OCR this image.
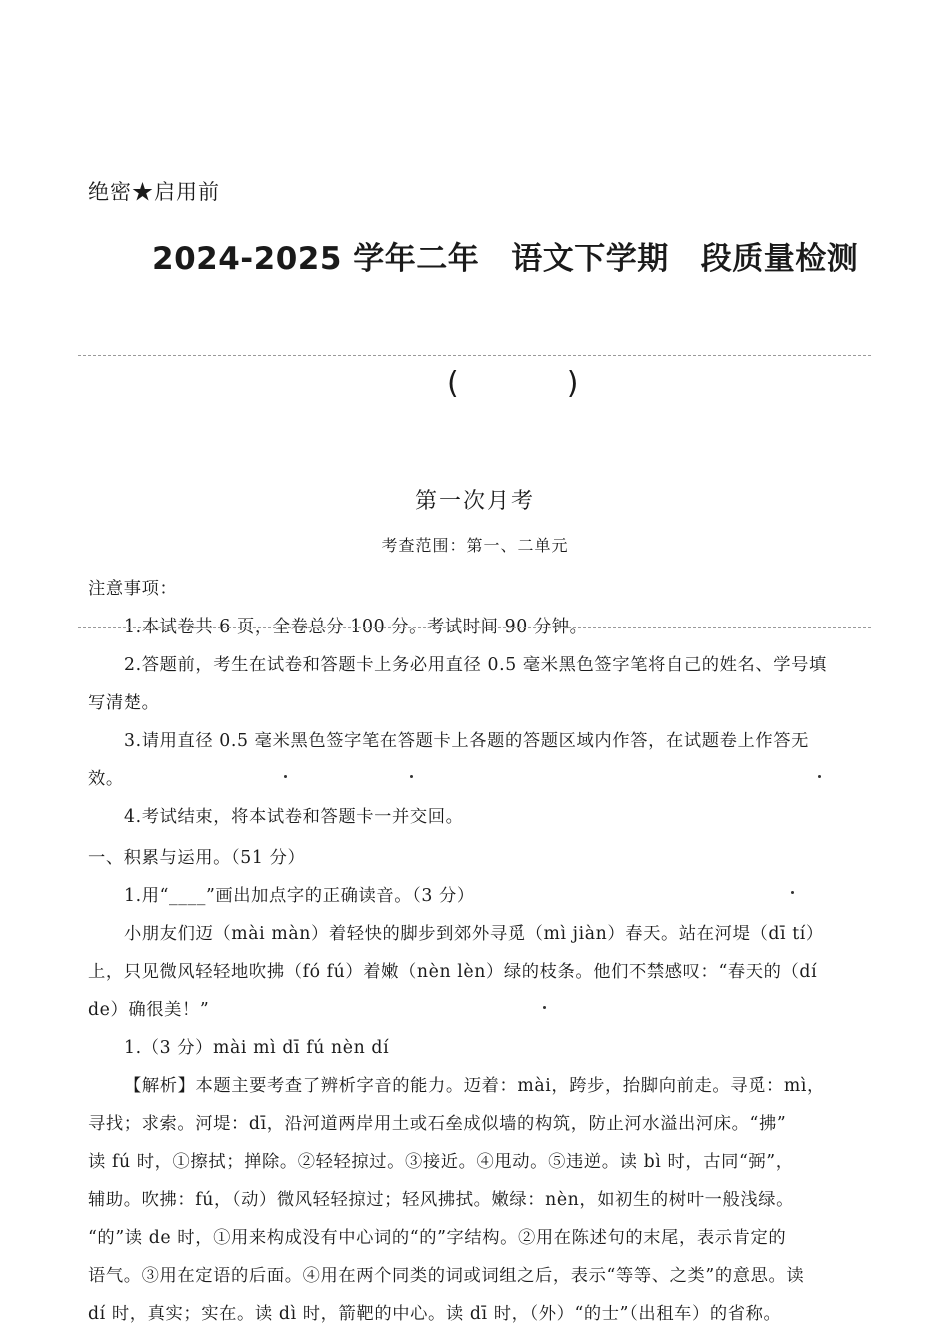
绝密★启用前
2024-2025 学年二年 语文下学期 段质量检测
(	)
第一次月考
考查范围：第一、二单元
注意事项：
1.本试卷共 6 页，全卷总分 100 分。考试时间 90 分钟。
2.答题前，考生在试卷和答题卡上务必用直径 0.5 毫米黑色签字笔将自己的姓名、学号填
写清楚。
3.请用直径 0.5 毫米黑色签字笔在答题卡上各题的答题区域内作答，在试题卷上作答无
效。
4.考试结束，将本试卷和答题卡一并交回。
一、积累与运用。（51 分）
1.用“____”画出加点字的正确读音。（3 分）
小朋友们迈（mài màn）着轻快的脚步到郊外寻觅（mì jiàn）春天。站在河堤（dī tí）
上，只见微风轻轻地吹拂（fó fú）着嫩（nèn lèn）绿的枝条。他们不禁感叹：“春天的（dí
de）确很美！”
1.（3 分）mài mì dī fú nèn dí
【解析】本题主要考查了辨析字音的能力。迈着：mài，跨步，抬脚向前走。寻觅：mì，
寻找；求索。河堤：dī，沿河道两岸用土或石垒成似墙的构筑，防止河水溢出河床。“拂”
读 fú 时，①擦拭；掸除。②轻轻掠过。③接近。④甩动。⑤违逆。读 bì 时，古同“弼”，
辅助。吹拂：fú，（动）微风轻轻掠过；轻风拂拭。嫩绿：nèn，如初生的树叶一般浅绿。
“的”读 de 时，①用来构成没有中心词的“的”字结构。②用在陈述句的末尾，表示肯定的
语气。③用在定语的后面。④用在两个同类的词或词组之后，表示“等等、之类”的意思。读
dí 时，真实；实在。读 dì 时，箭靶的中心。读 dī 时，（外）“的士”（出租车）的省称。
